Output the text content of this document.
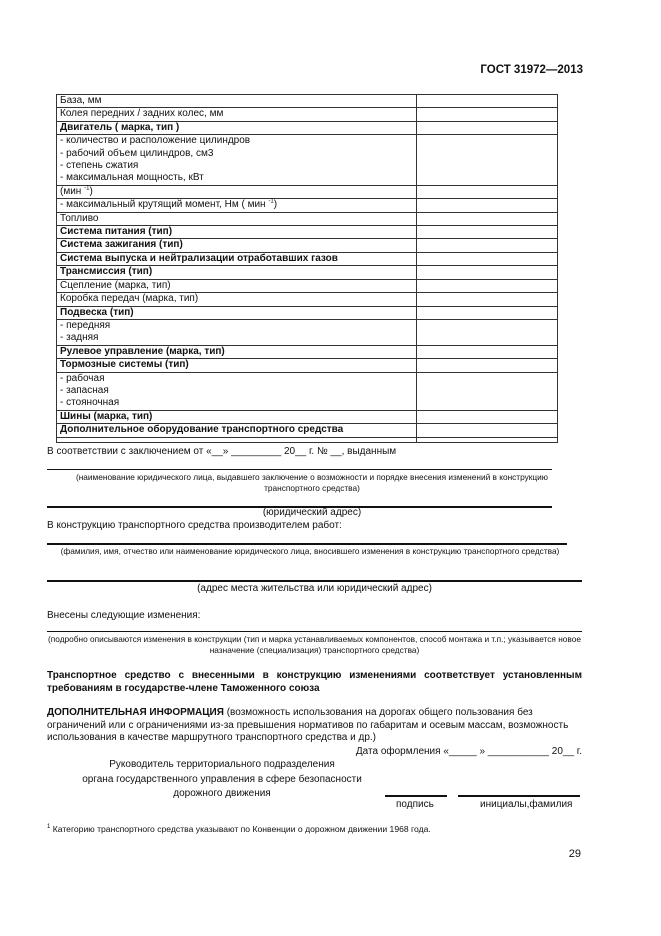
ГОСТ 31972—2013
База, мм	

Колея передних / задних колес, мм	

Двигатель ( марка, тип )	

- количество и расположение цилиндров
- рабочий объем цилиндров, см3
- степень сжатия
- максимальная мощность, кВт	

(мин $^{-1}$)	
- максимальный крутящий момент, Нм ( мин $^{-1}$)	

Топливо	

Система питания (тип)	

Система зажигания (тип)	

Система выпуска и нейтрализации отработавших газов	

Трансмиссия (тип)	

Сцепление (марка, тип)	

Коробка передач (марка, тип)	

Подвеска (тип)	

- передняя
- задняя	

Рулевое управление (марка, тип)	

Тормозные системы (тип)	

- рабочая
- запасная
- стояночная	

Шины (марка, тип)	

Дополнительное оборудование транспортного средства	

В соответствии с заключением от «__» _________ 20__ г. № __, выданным
(наименование юридического лица, выдавшего заключение о возможности и порядке внесения изменений в конструкцию транспортного средства)
(юридический адрес)
В конструкцию транспортного средства производителем работ:
(фамилия, имя, отчество или наименование юридического лица, вносившего изменения в конструкцию транспортного средства)
(адрес места жительства или юридический адрес)
Внесены следующие изменения:
(подробно описываются изменения в конструкции (тип и марка устанавливаемых компонентов, способ монтажа и т.п.; указывается новое назначение (специализация) транспортного средства)
Транспортное средство с внесенными в конструкцию изменениями соответствует установленным требованиям в государстве-члене Таможенного союза
ДОПОЛНИТЕЛЬНАЯ ИНФОРМАЦИЯ (возможность использования на дорогах общего пользования без ограничений или с ограничениями из-за превышения нормативов по габаритам и осевым массам, возможность использования в качестве маршрутного транспортного средства и др.)
Дата оформления «_____ » ___________ 20__ г.
Руководитель территориального подразделения
органа государственного управления в сфере безопасности
дорожного движения
подпись	инициалы,фамилия
$^1$ Категорию транспортного средства указывают по Конвенции о дорожном движении 1968 года.
29
